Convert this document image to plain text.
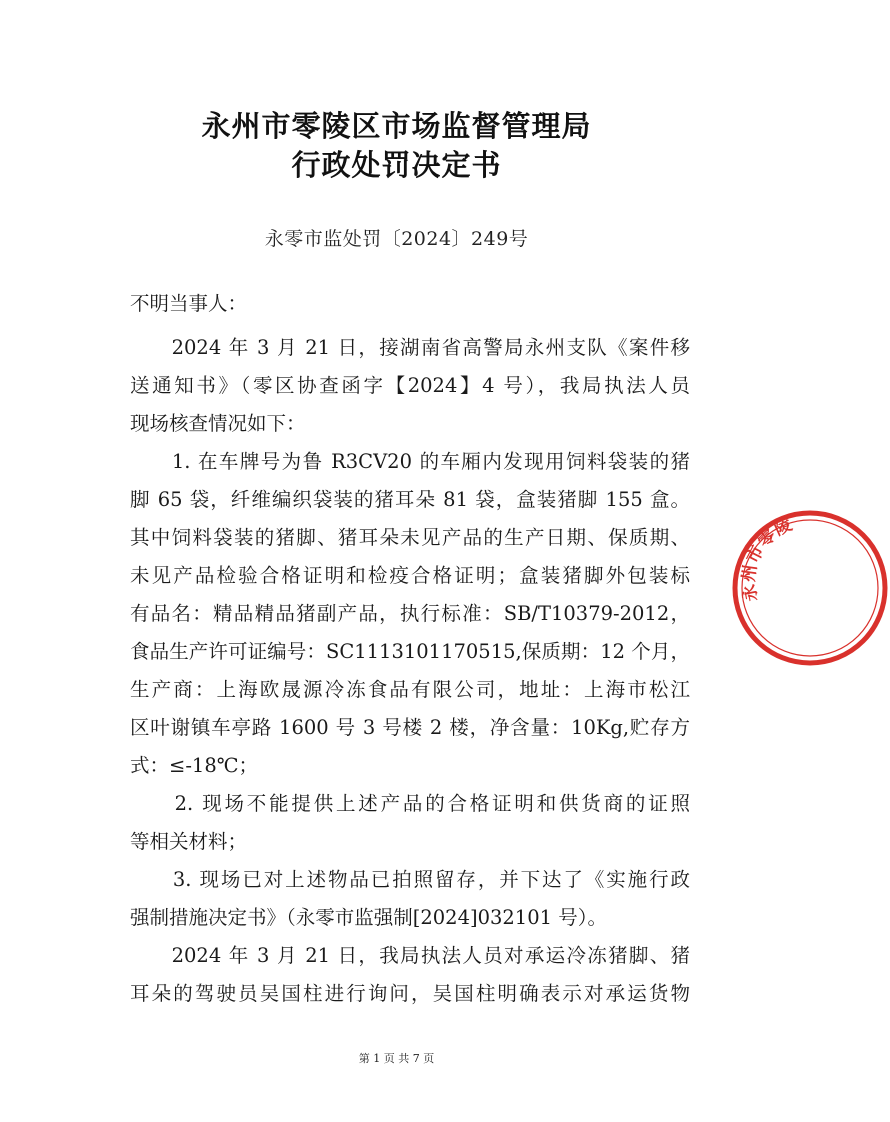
永州市零陵区市场监督管理局
行政处罚决定书
永零市监处罚〔2024〕249号
不明当事人：
　　2024 年 3 月 21 日，接湖南省高警局永州支队《案件移
送通知书》（零区协查函字【2024】4 号），我局执法人员
现场核查情况如下：
　　1. 在车牌号为鲁 R3CV20 的车厢内发现用饲料袋装的猪
脚 65 袋，纤维编织袋装的猪耳朵 81 袋，盒装猪脚 155 盒。
其中饲料袋装的猪脚、猪耳朵未见产品的生产日期、保质期、
未见产品检验合格证明和检疫合格证明；盒装猪脚外包装标
有品名：精品精品猪副产品，执行标准：SB/T10379-2012，
食品生产许可证编号：SC1113101170515,保质期：12 个月，
生产商：上海欧晟源冷冻食品有限公司，地址：上海市松江
区叶谢镇车亭路 1600 号 3 号楼 2 楼，净含量：10Kg,贮存方
式：≤-18℃；
　　2. 现场不能提供上述产品的合格证明和供货商的证照
等相关材料；
　　3. 现场已对上述物品已拍照留存，并下达了《实施行政
强制措施决定书》（永零市监强制[2024]032101 号）。
　　2024 年 3 月 21 日，我局执法人员对承运冷冻猪脚、猪
耳朵的驾驶员吴国柱进行询问，吴国柱明确表示对承运货物
永州市零陵
第 1 页 共 7 页
